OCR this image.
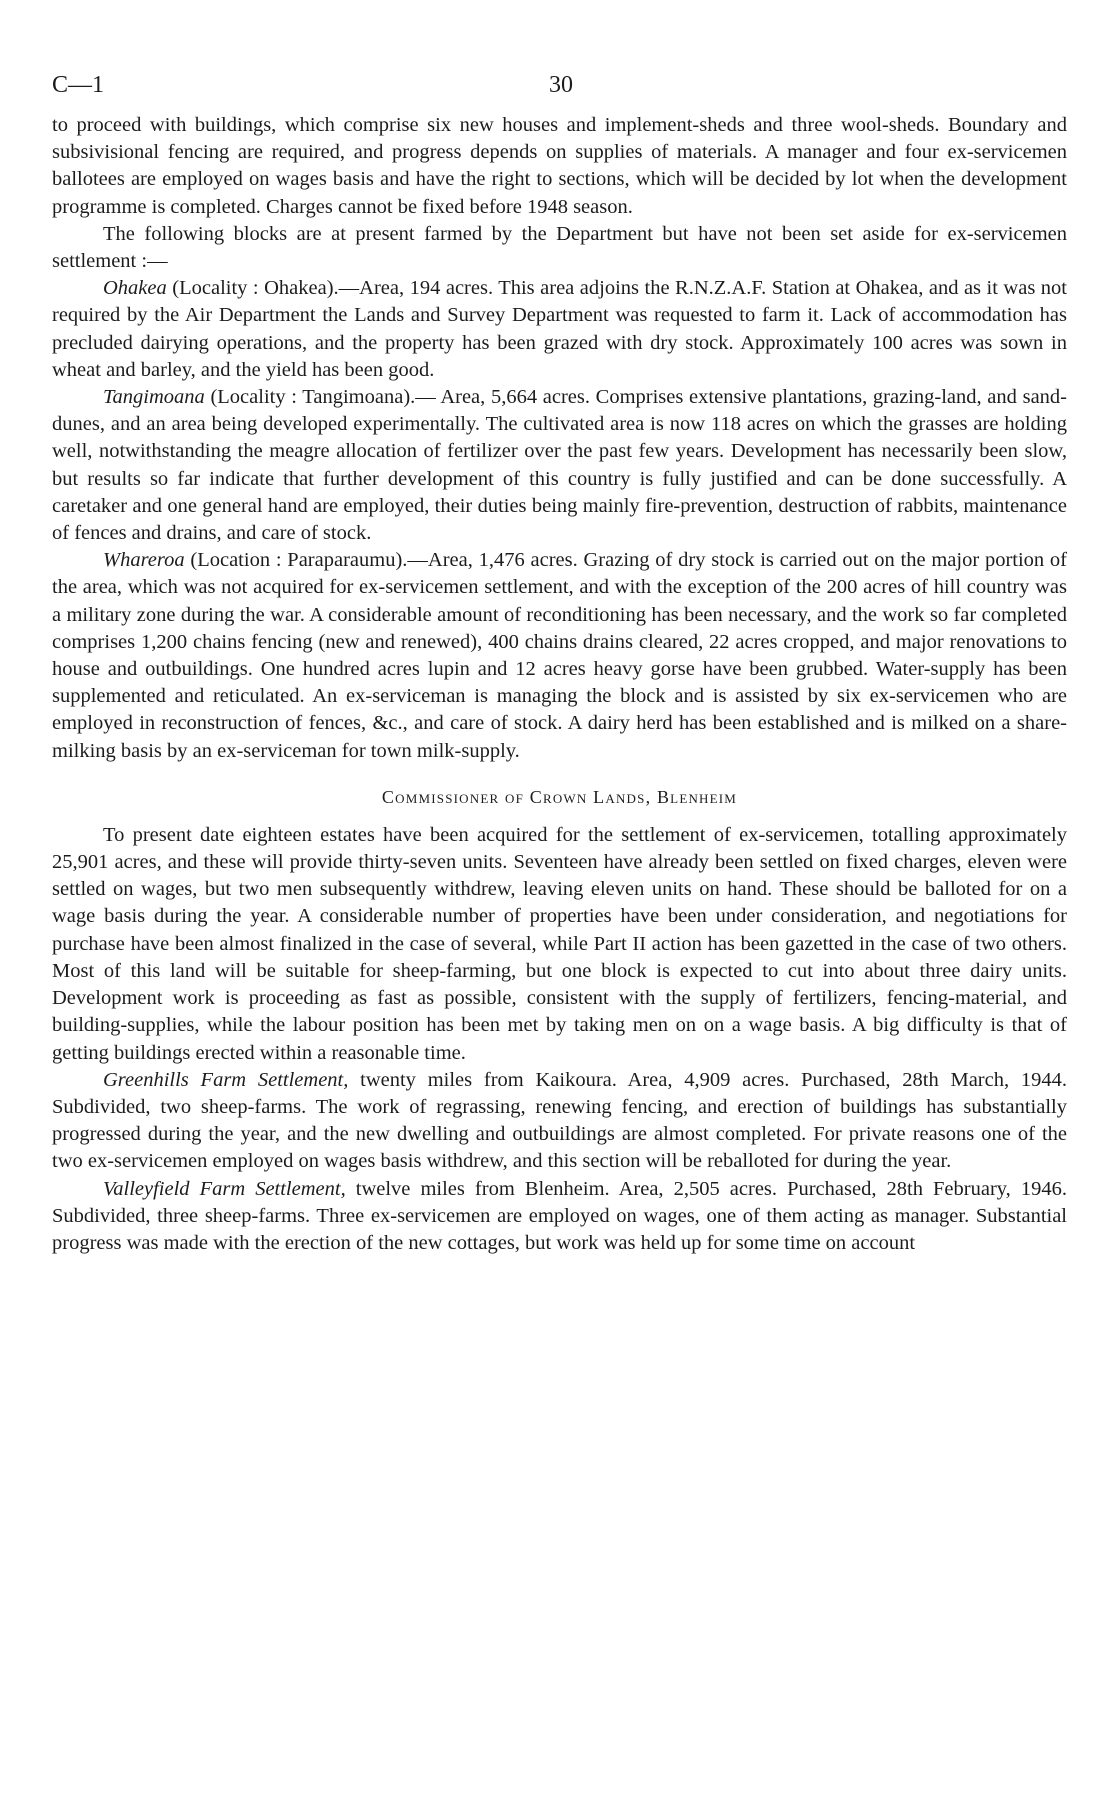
C—1	30

to proceed with buildings, which comprise six new houses and implement-sheds and three wool-sheds. Boundary and subsivisional fencing are required, and progress depends on supplies of materials. A manager and four ex-servicemen ballotees are employed on wages basis and have the right to sections, which will be decided by lot when the development programme is completed. Charges cannot be fixed before 1948 season.

The following blocks are at present farmed by the Department but have not been set aside for ex-servicemen settlement :—

Ohakea (Locality : Ohakea).—Area, 194 acres. This area adjoins the R.N.Z.A.F. Station at Ohakea, and as it was not required by the Air Department the Lands and Survey Department was requested to farm it. Lack of accommodation has precluded dairying operations, and the property has been grazed with dry stock. Approximately 100 acres was sown in wheat and barley, and the yield has been good.

Tangimoana (Locality : Tangimoana).— Area, 5,664 acres. Comprises extensive plantations, grazing-land, and sand-dunes, and an area being developed experimentally. The cultivated area is now 118 acres on which the grasses are holding well, notwithstanding the meagre allocation of fertilizer over the past few years. Development has necessarily been slow, but results so far indicate that further development of this country is fully justified and can be done successfully. A caretaker and one general hand are employed, their duties being mainly fire-prevention, destruction of rabbits, maintenance of fences and drains, and care of stock.

Whareroa (Location : Paraparaumu).—Area, 1,476 acres. Grazing of dry stock is carried out on the major portion of the area, which was not acquired for ex-servicemen settlement, and with the exception of the 200 acres of hill country was a military zone during the war. A considerable amount of reconditioning has been necessary, and the work so far completed comprises 1,200 chains fencing (new and renewed), 400 chains drains cleared, 22 acres cropped, and major renovations to house and outbuildings. One hundred acres lupin and 12 acres heavy gorse have been grubbed. Water-supply has been supplemented and reticulated. An ex-serviceman is managing the block and is assisted by six ex-servicemen who are employed in reconstruction of fences, &c., and care of stock. A dairy herd has been established and is milked on a share-milking basis by an ex-serviceman for town milk-supply.

Commissioner of Crown Lands, Blenheim

To present date eighteen estates have been acquired for the settlement of ex-servicemen, totalling approximately 25,901 acres, and these will provide thirty-seven units. Seventeen have already been settled on fixed charges, eleven were settled on wages, but two men subsequently withdrew, leaving eleven units on hand. These should be balloted for on a wage basis during the year. A considerable number of properties have been under consideration, and negotiations for purchase have been almost finalized in the case of several, while Part II action has been gazetted in the case of two others. Most of this land will be suitable for sheep-farming, but one block is expected to cut into about three dairy units. Development work is proceeding as fast as possible, consistent with the supply of fertilizers, fencing-material, and building-supplies, while the labour position has been met by taking men on on a wage basis. A big difficulty is that of getting buildings erected within a reasonable time.

Greenhills Farm Settlement, twenty miles from Kaikoura. Area, 4,909 acres. Purchased, 28th March, 1944. Subdivided, two sheep-farms. The work of regrassing, renewing fencing, and erection of buildings has substantially progressed during the year, and the new dwelling and outbuildings are almost completed. For private reasons one of the two ex-servicemen employed on wages basis withdrew, and this section will be reballoted for during the year.

Valleyfield Farm Settlement, twelve miles from Blenheim. Area, 2,505 acres. Purchased, 28th February, 1946. Subdivided, three sheep-farms. Three ex-servicemen are employed on wages, one of them acting as manager. Substantial progress was made with the erection of the new cottages, but work was held up for some time on account
